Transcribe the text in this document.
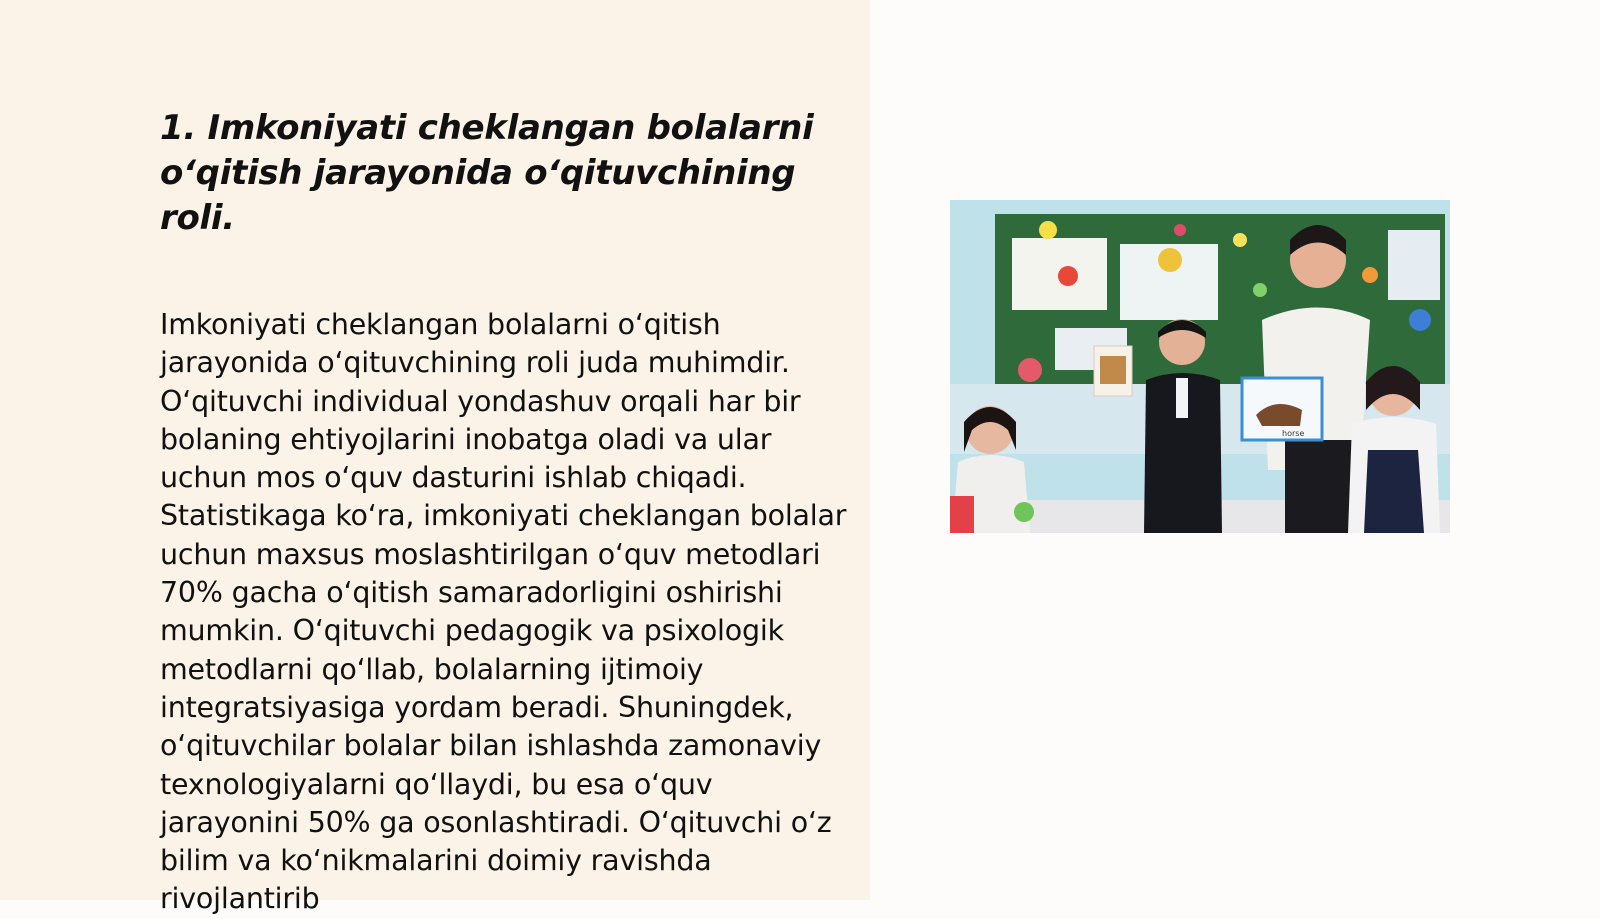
1. Imkoniyati cheklangan bolalarni o‘qitish jarayonida o‘qituvchining roli.

Imkoniyati cheklangan bolalarni o‘qitish jarayonida o‘qituvchining roli juda muhimdir. O‘qituvchi individual yondashuv orqali har bir bolaning ehtiyojlarini inobatga oladi va ular uchun mos o‘quv dasturini ishlab chiqadi. Statistikaga ko‘ra, imkoniyati cheklangan bolalar uchun maxsus moslashtirilgan o‘quv metodlari 70% gacha o‘qitish samaradorligini oshirishi mumkin. O‘qituvchi pedagogik va psixologik metodlarni qo‘llab, bolalarning ijtimoiy integratsiyasiga yordam beradi. Shuningdek, o‘qituvchilar bolalar bilan ishlashda zamonaviy texnologiyalarni qo‘llaydi, bu esa o‘quv jarayonini 50% ga osonlashtiradi. O‘qituvchi o‘z bilim va ko‘nikmalarini doimiy ravishda rivojlantirib

horse
